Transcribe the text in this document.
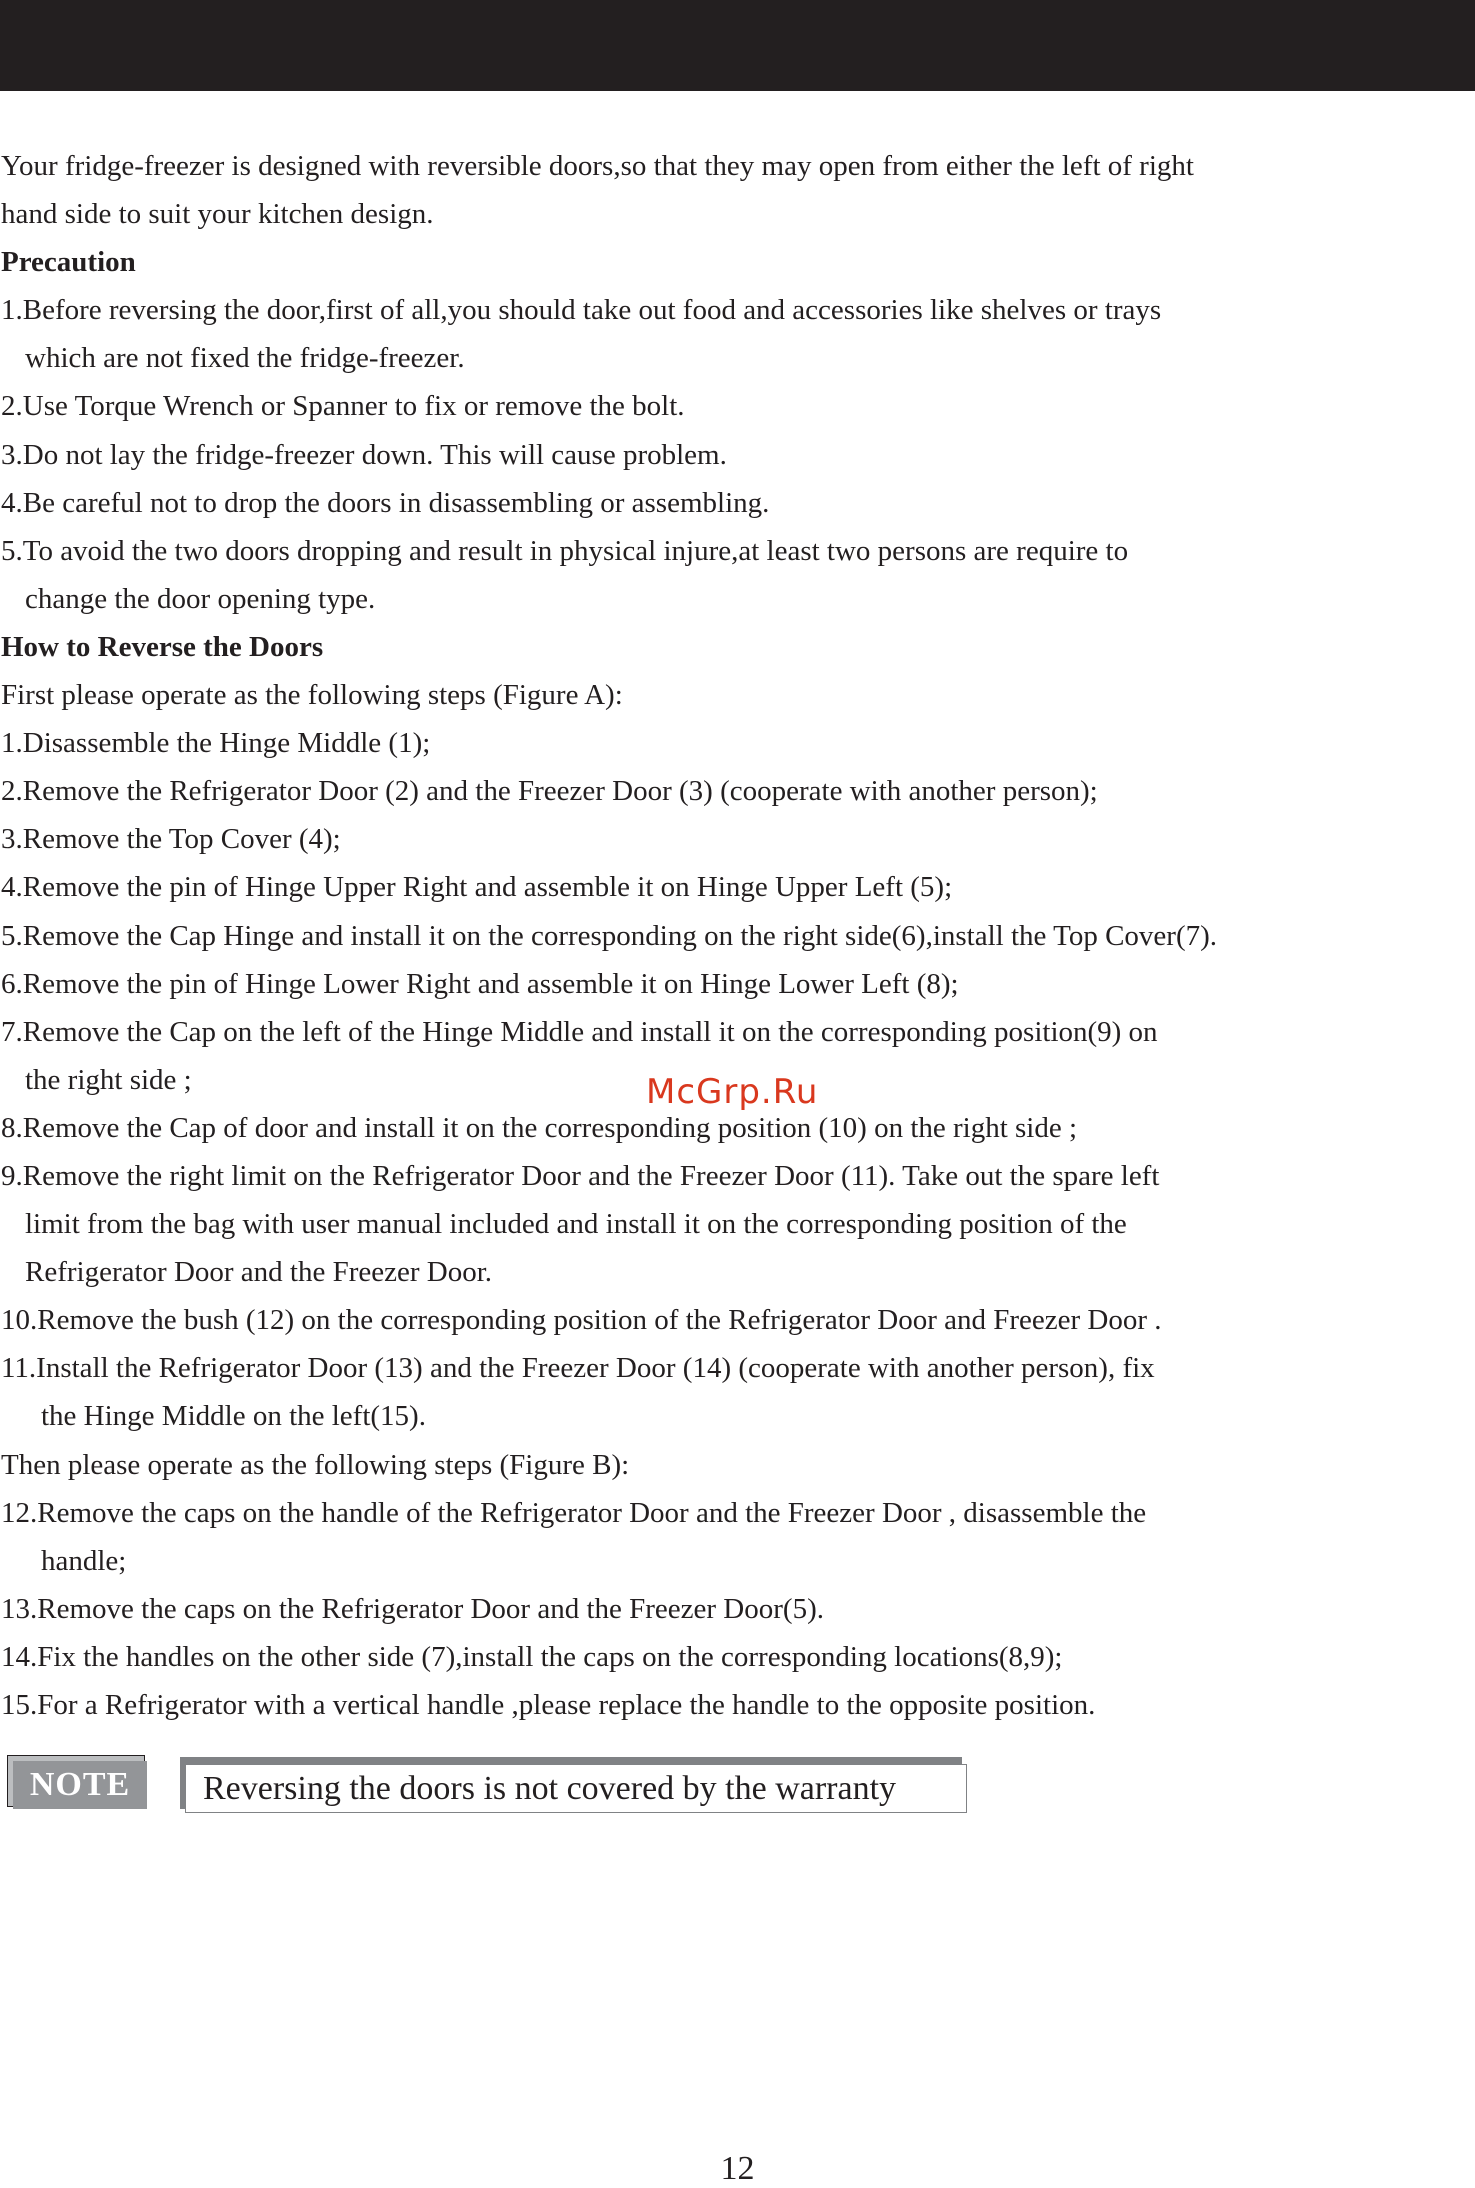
Your fridge-freezer is designed with reversible doors,so that they may open from either the left of right
hand side to suit your kitchen design.
Precaution
1.Before reversing the door,first of all,you should take out food and accessories like shelves or trays
which are not fixed the fridge-freezer.
2.Use Torque Wrench or Spanner to fix or remove the bolt.
3.Do not lay the fridge-freezer down. This will cause problem.
4.Be careful not to drop the doors in disassembling or assembling.
5.To avoid the two doors dropping and result in physical injure,at least two persons are require to
change the door opening type.
How to Reverse the Doors
First please operate as the following steps (Figure A):
1.Disassemble the Hinge Middle (1);
2.Remove the Refrigerator Door (2) and the Freezer Door (3) (cooperate with another person);
3.Remove the Top Cover (4);
4.Remove the pin of Hinge Upper Right and assemble it on Hinge Upper Left (5);
5.Remove the Cap Hinge and install it on the corresponding on the right side(6),install the Top Cover(7).
6.Remove the pin of Hinge Lower Right and assemble it on Hinge Lower Left (8);
7.Remove the Cap on the left of the Hinge Middle and install it on the corresponding position(9) on
the right side ;
8.Remove the Cap of door and install it on the corresponding position (10) on the right side ;
9.Remove the right limit on the Refrigerator Door and the Freezer Door (11). Take out the spare left
limit from the bag with user manual included and install it on the corresponding position of the
Refrigerator Door and the Freezer Door.
10.Remove the bush (12) on the corresponding position of the Refrigerator Door and Freezer Door .
11.Install the Refrigerator Door (13) and the Freezer Door (14) (cooperate with another person), fix
the Hinge Middle on the left(15).
Then please operate as the following steps (Figure B):
12.Remove the caps on the handle of the Refrigerator Door and the Freezer Door , disassemble the
handle;
13.Remove the caps on the Refrigerator Door and the Freezer Door(5).
14.Fix the handles on the other side (7),install the caps on the corresponding locations(8,9);
15.For a Refrigerator with a vertical handle ,please replace the handle to the opposite position.
McGrp.Ru
NOTE	Reversing the doors is not covered by the warranty
12
